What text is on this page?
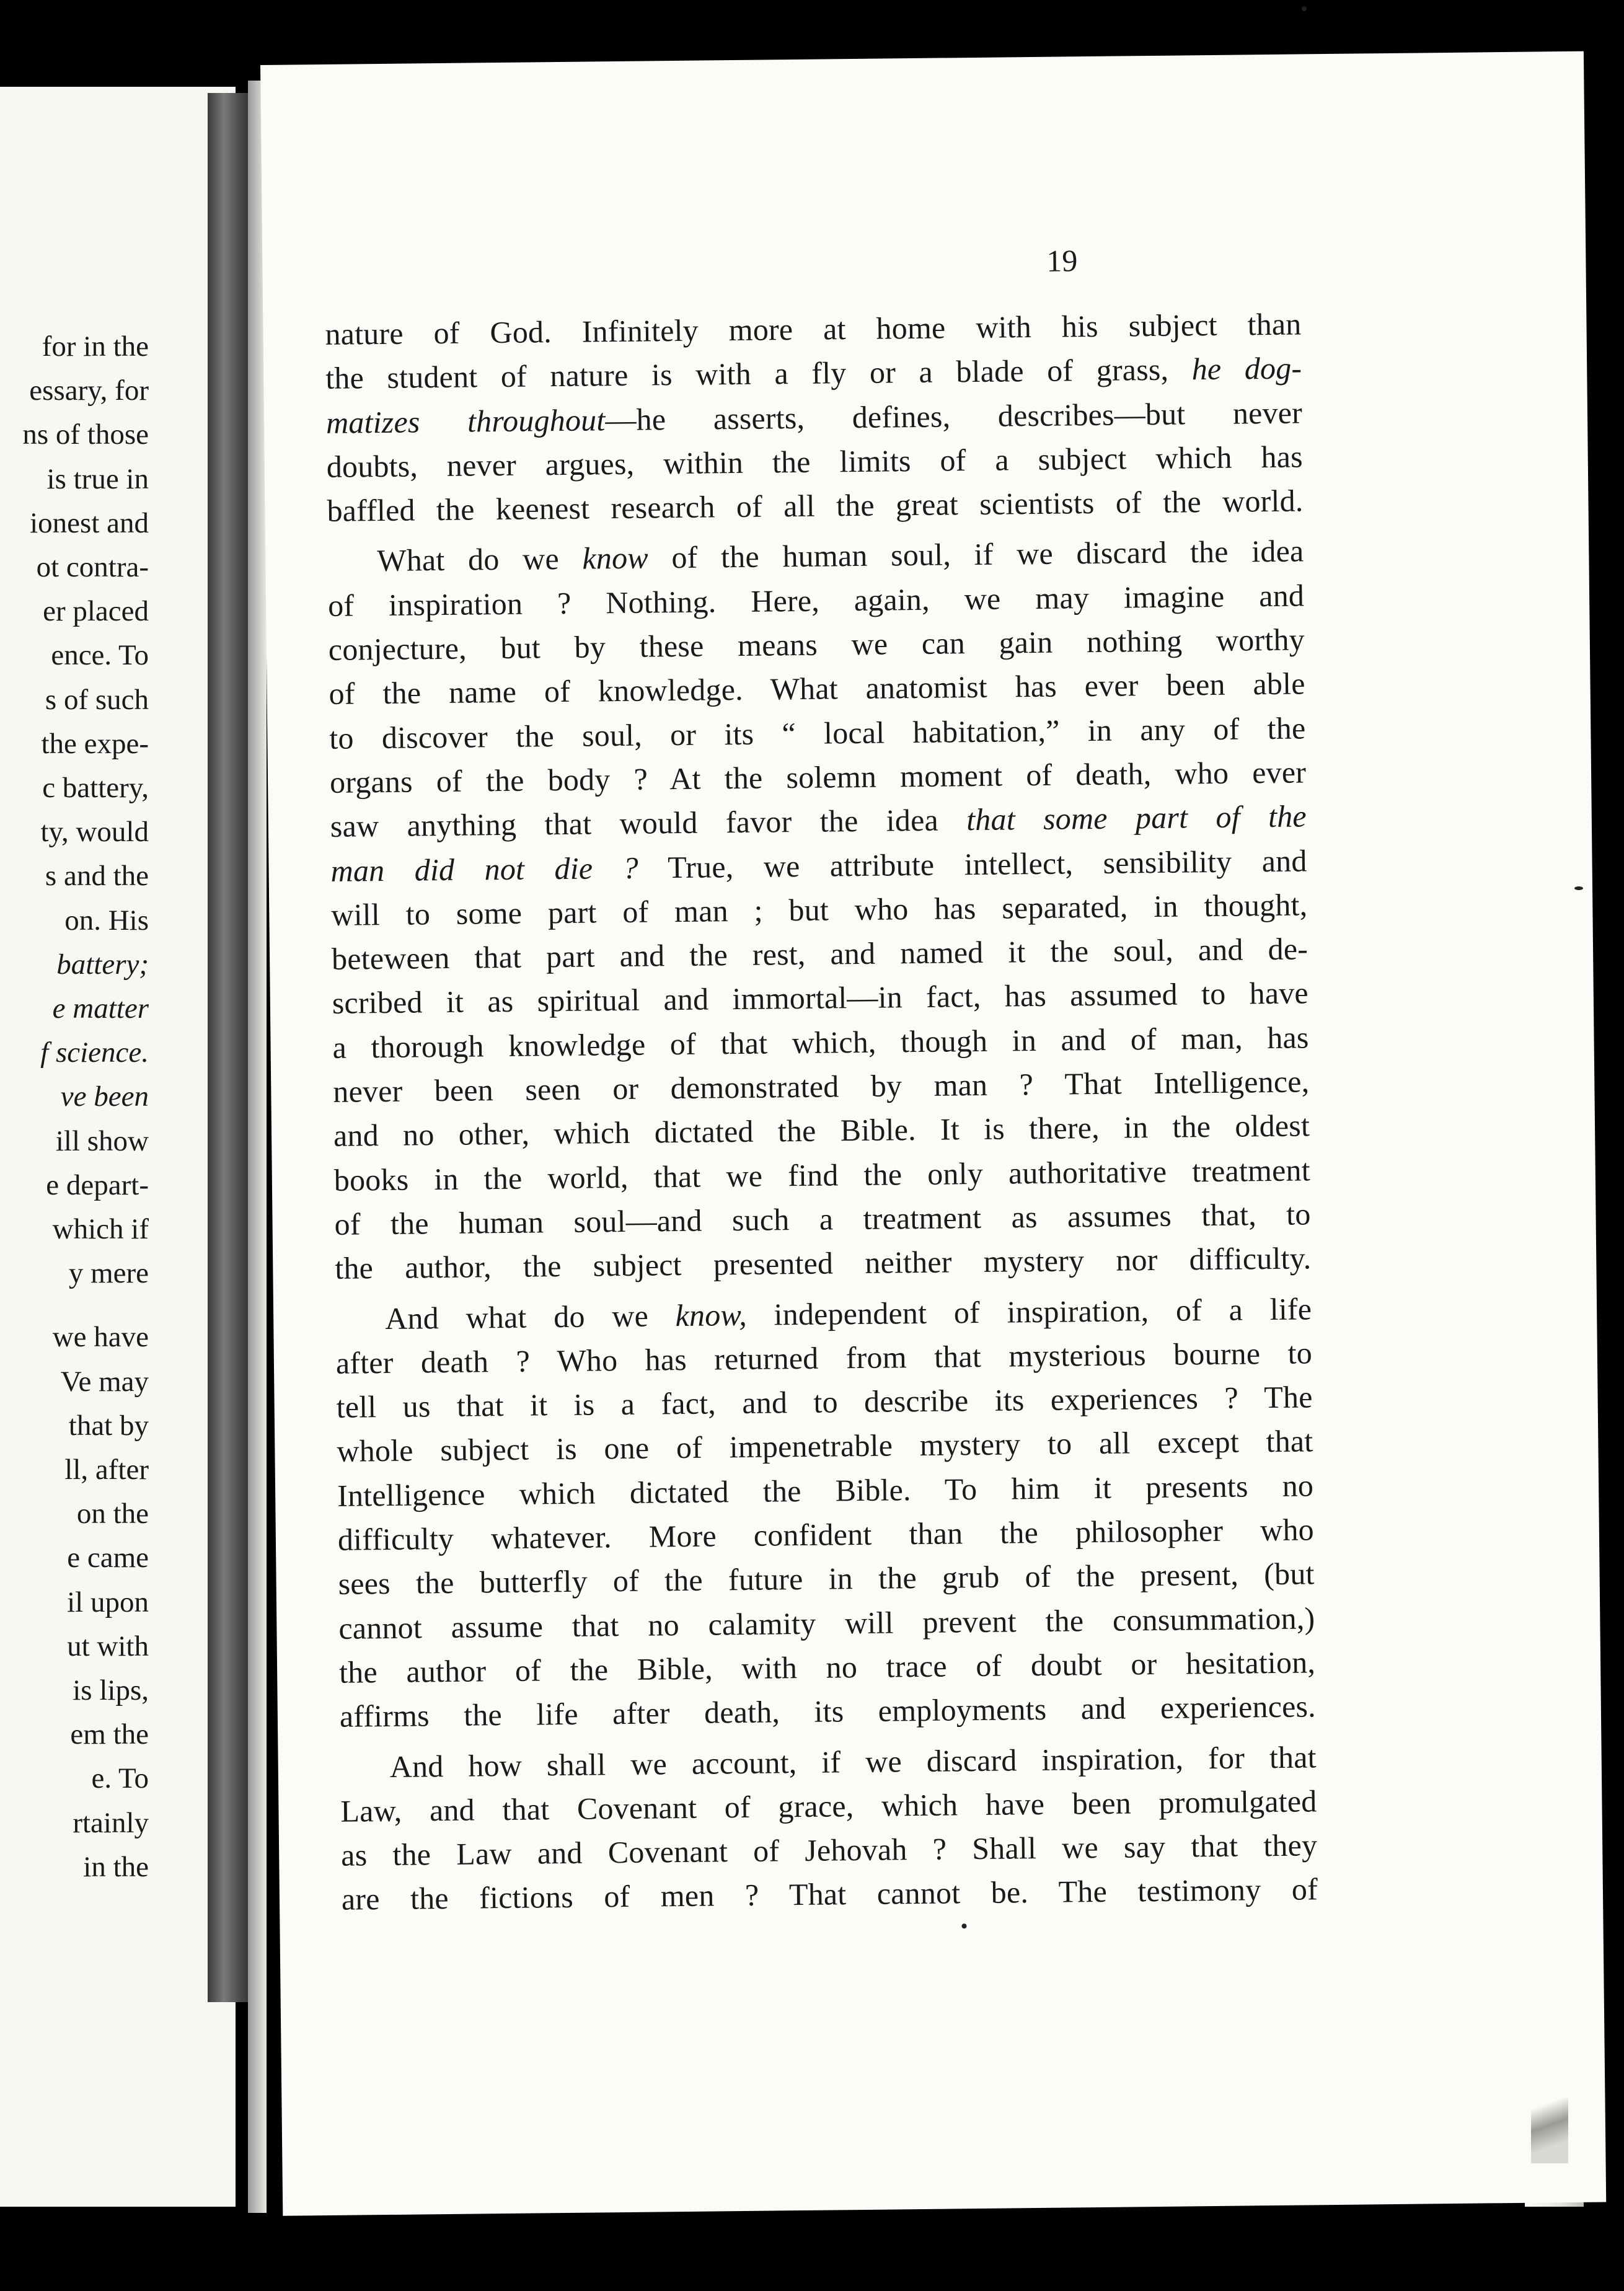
for in the
essary, for
ns of those
is true in
ionest and
ot contra-
er placed
ence. To
s of such
the expe-
c battery,
ty, would
s and the
on. His
battery;
e matter
f science.
ve been
ill show
e depart-
which if
y mere
we have
Ve may
that by
ll, after
on the
e came
il upon
ut with
is lips,
em the
e. To
rtainly
in the
19
nature of God. Infinitely more at home with his subject than
the student of nature is with a fly or a blade of grass, he dog-
matizes throughout—he asserts, defines, describes—but never
doubts, never argues, within the limits of a subject which has
baffled the keenest research of all the great scientists of the world.
What do we know of the human soul, if we discard the idea
of inspiration ? Nothing. Here, again, we may imagine and
conjecture, but by these means we can gain nothing worthy
of the name of knowledge. What anatomist has ever been able
to discover the soul, or its “ local habitation,” in any of the
organs of the body ? At the solemn moment of death, who ever
saw anything that would favor the idea that some part of the
man did not die ? True, we attribute intellect, sensibility and
will to some part of man ; but who has separated, in thought,
beteween that part and the rest, and named it the soul, and de-
scribed it as spiritual and immortal—in fact, has assumed to have
a thorough knowledge of that which, though in and of man, has
never been seen or demonstrated by man ? That Intelligence,
and no other, which dictated the Bible. It is there, in the oldest
books in the world, that we find the only authoritative treatment
of the human soul—and such a treatment as assumes that, to
the author, the subject presented neither mystery nor difficulty.
And what do we know, independent of inspiration, of a life
after death ? Who has returned from that mysterious bourne to
tell us that it is a fact, and to describe its experiences ? The
whole subject is one of impenetrable mystery to all except that
Intelligence which dictated the Bible. To him it presents no
difficulty whatever. More confident than the philosopher who
sees the butterfly of the future in the grub of the present, (but
cannot assume that no calamity will prevent the consummation,)
the author of the Bible, with no trace of doubt or hesitation,
affirms the life after death, its employments and experiences.
And how shall we account, if we discard inspiration, for that
Law, and that Covenant of grace, which have been promulgated
as the Law and Covenant of Jehovah ? Shall we say that they
are the fictions of men ? That cannot be. The testimony of
